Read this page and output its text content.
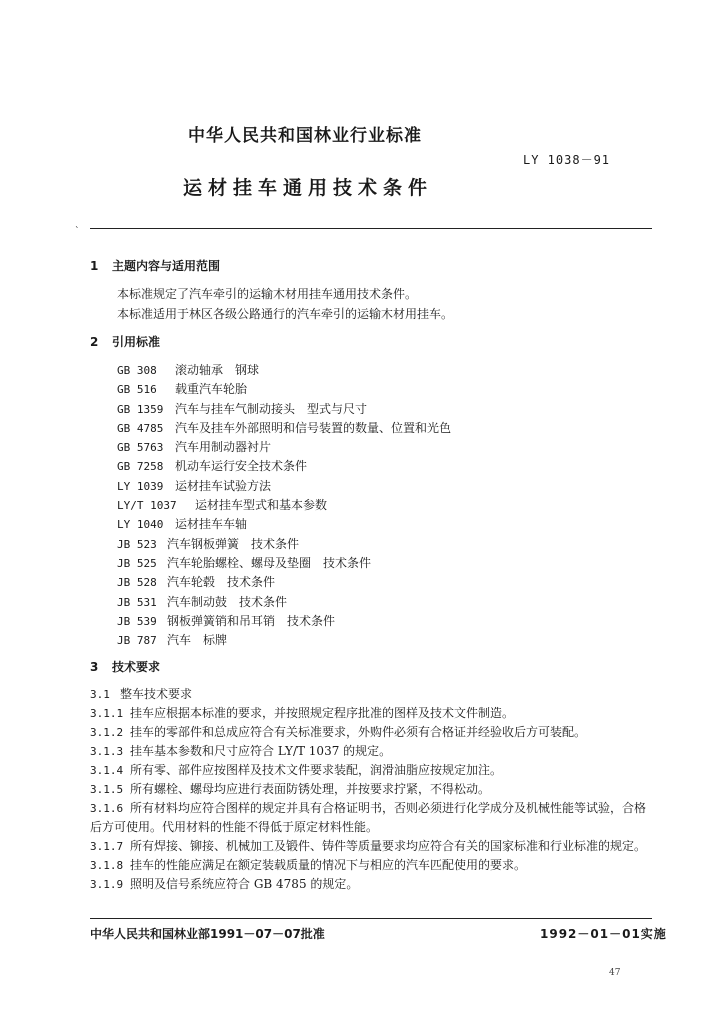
中华人民共和国林业行业标准
LY 1038－91
运材挂车通用技术条件
`
1 主题内容与适用范围
本标准规定了汽车牵引的运输木材用挂车通用技术条件。
本标准适用于林区各级公路通行的汽车牵引的运输木材用挂车。
2 引用标准
GB 308 滚动轴承　钢球
GB 516 载重汽车轮胎
GB 1359 汽车与挂车气制动接头　型式与尺寸
GB 4785 汽车及挂车外部照明和信号装置的数量、位置和光色
GB 5763 汽车用制动器衬片
GB 7258 机动车运行安全技术条件
LY 1039 运材挂车试验方法
LY/T 1037 运材挂车型式和基本参数
LY 1040 运材挂车车轴
JB 523 汽车钢板弹簧　技术条件
JB 525 汽车轮胎螺栓、螺母及垫圈　技术条件
JB 528 汽车轮毂　技术条件
JB 531 汽车制动鼓　技术条件
JB 539 钢板弹簧销和吊耳销　技术条件
JB 787 汽车　标牌
3 技术要求
3.1 整车技术要求
3.1.1 挂车应根据本标准的要求，并按照规定程序批准的图样及技术文件制造。
3.1.2 挂车的零部件和总成应符合有关标准要求，外购件必须有合格证并经验收后方可装配。
3.1.3 挂车基本参数和尺寸应符合 LY/T 1037 的规定。
3.1.4 所有零、部件应按图样及技术文件要求装配，润滑油脂应按规定加注。
3.1.5 所有螺栓、螺母均应进行表面防锈处理，并按要求拧紧，不得松动。
3.1.6 所有材料均应符合图样的规定并具有合格证明书，否则必须进行化学成分及机械性能等试验，合格后方可使用。代用材料的性能不得低于原定材料性能。
3.1.7 所有焊接、铆接、机械加工及锻件、铸件等质量要求均应符合有关的国家标准和行业标准的规定。
3.1.8 挂车的性能应满足在额定装载质量的情况下与相应的汽车匹配使用的要求。
3.1.9 照明及信号系统应符合 GB 4785 的规定。
中华人民共和国林业部1991－07－07批准	1992－01－01实施
47
